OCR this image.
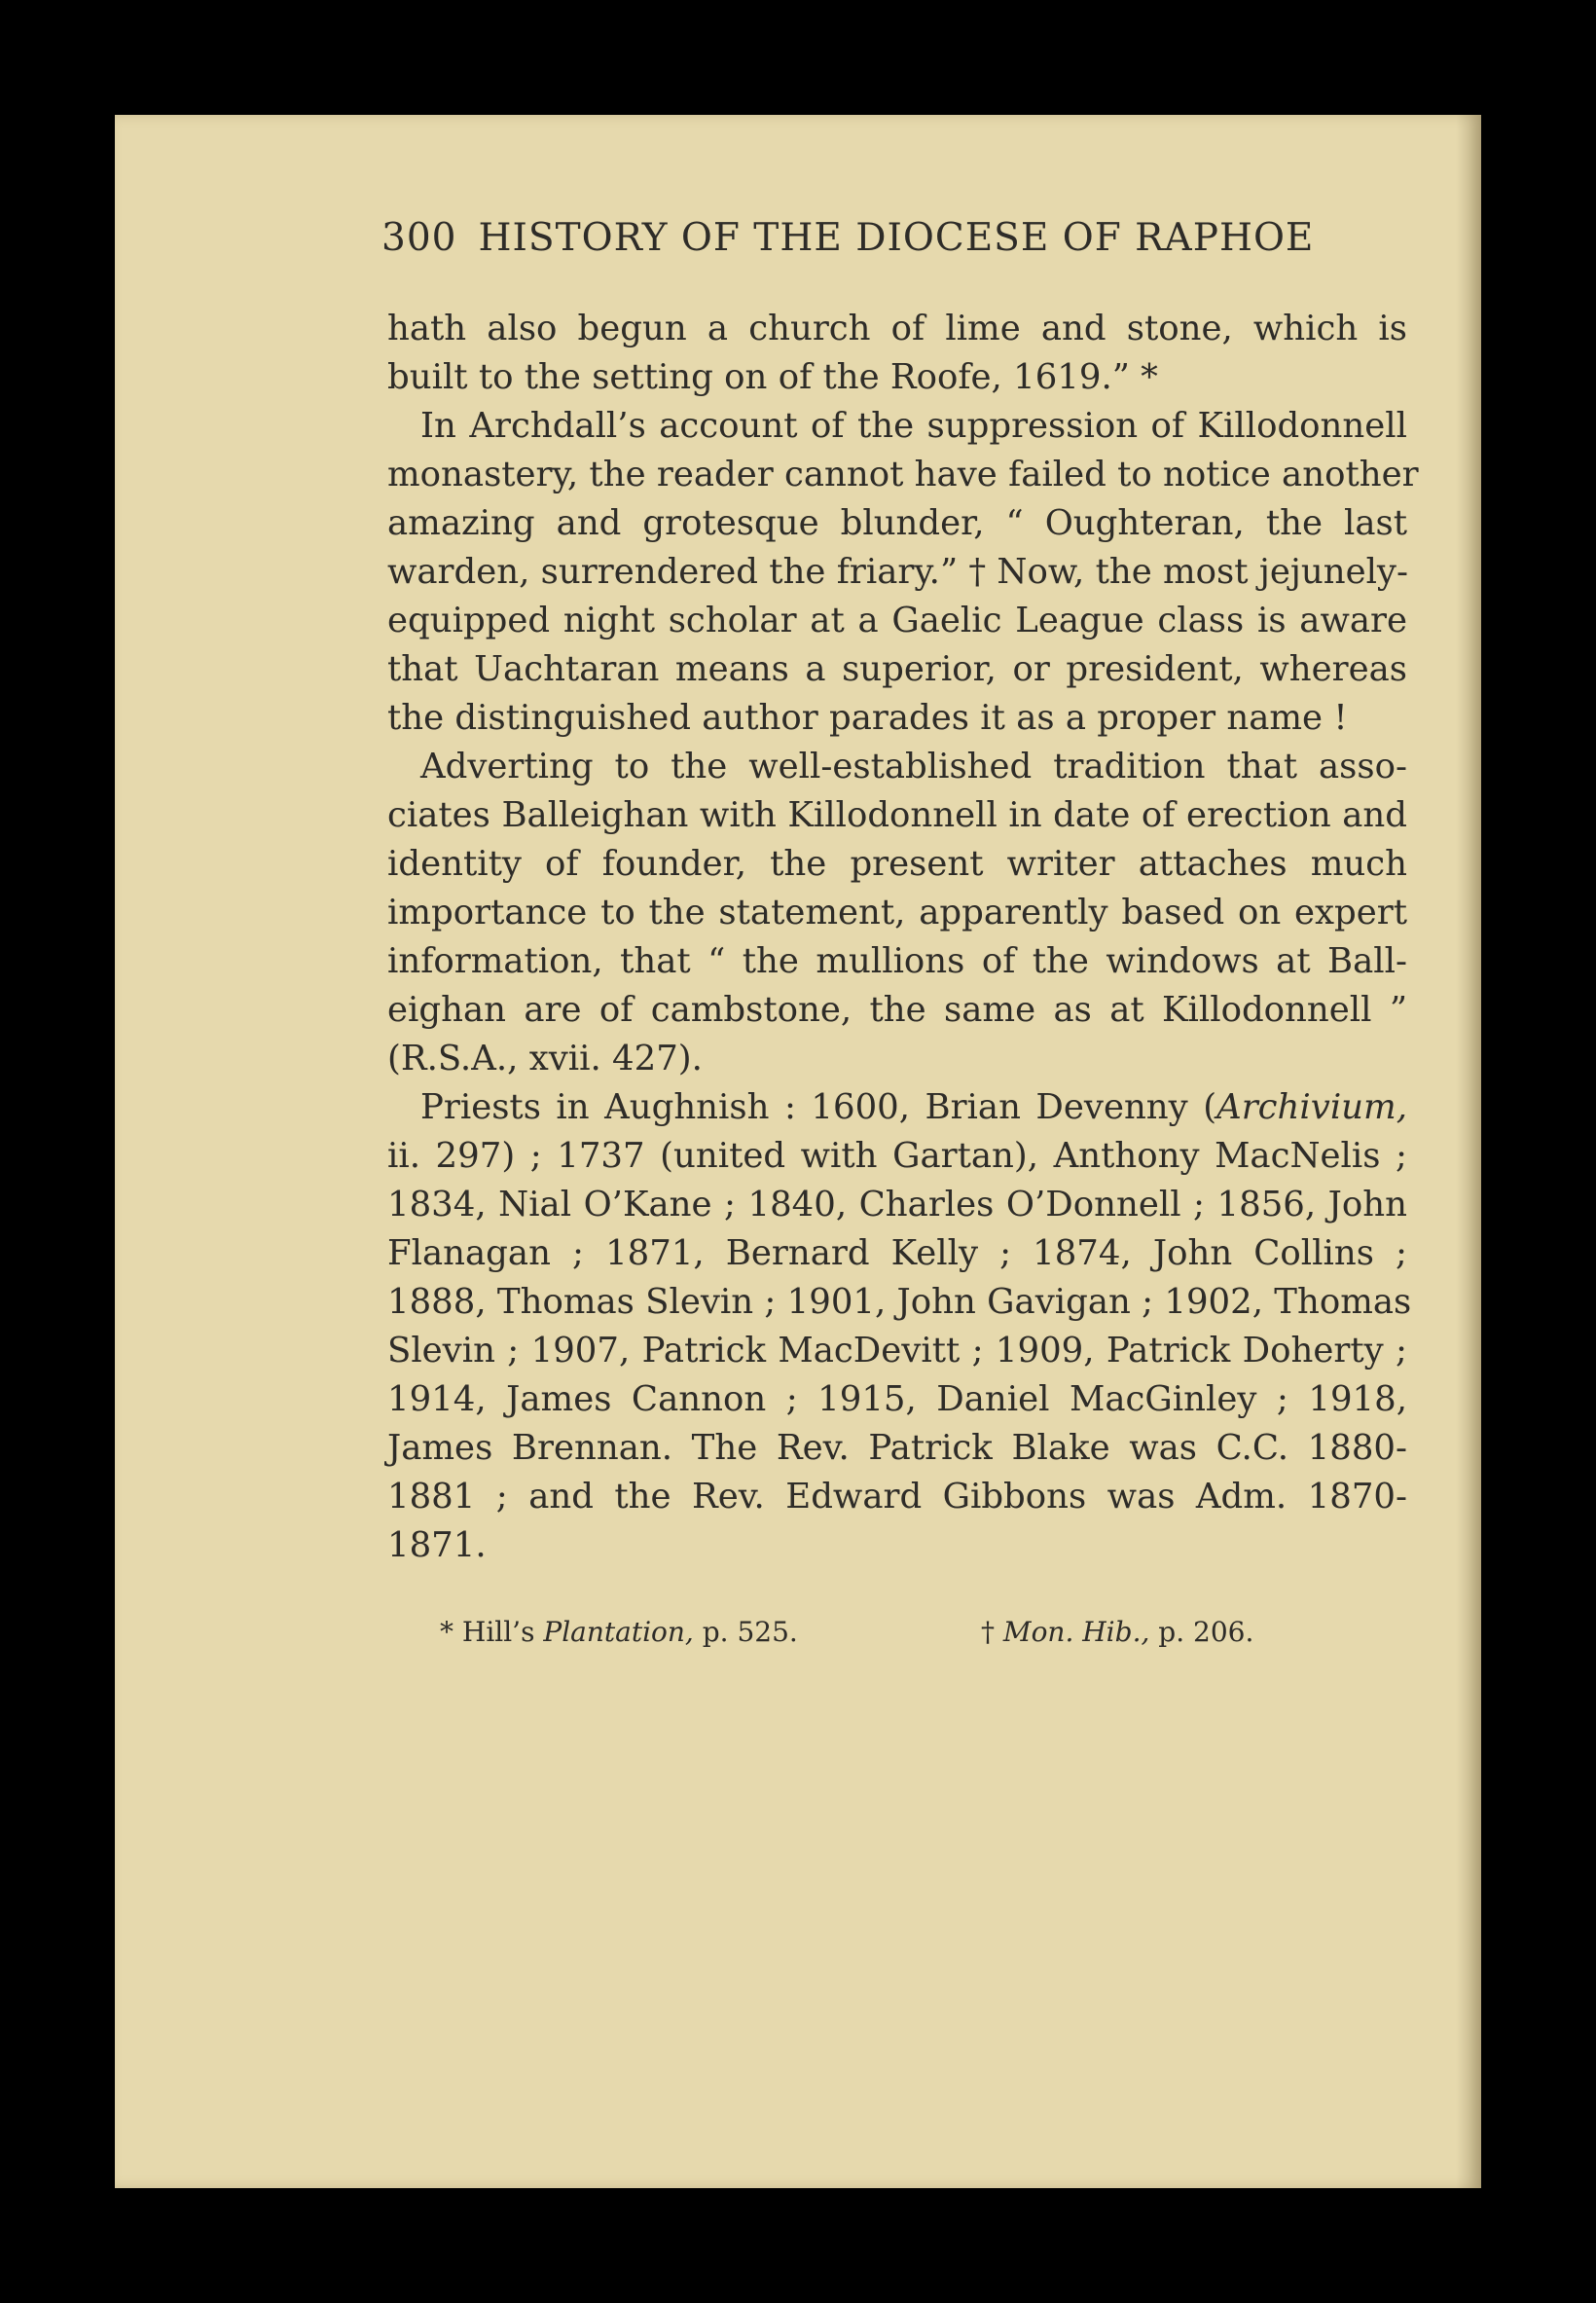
300 HISTORY OF THE DIOCESE OF RAPHOE
hath also begun a church of lime and stone, which is
built to the setting on of the Roofe, 1619.” *
In Archdall’s account of the suppression of Killodonnell
monastery, the reader cannot have failed to notice another
amazing and grotesque blunder, “ Oughteran, the last
warden, surrendered the friary.” † Now, the most jejunely-
equipped night scholar at a Gaelic League class is aware
that Uachtaran means a superior, or president, whereas
the distinguished author parades it as a proper name !
Adverting to the well-established tradition that asso-
ciates Balleighan with Killodonnell in date of erection and
identity of founder, the present writer attaches much
importance to the statement, apparently based on expert
information, that “ the mullions of the windows at Ball-
eighan are of cambstone, the same as at Killodonnell ”
(R.S.A., xvii. 427).
Priests in Aughnish : 1600, Brian Devenny (Archivium,
ii. 297) ; 1737 (united with Gartan), Anthony MacNelis ;
1834, Nial O’Kane ; 1840, Charles O’Donnell ; 1856, John
Flanagan ; 1871, Bernard Kelly ; 1874, John Collins ;
1888, Thomas Slevin ; 1901, John Gavigan ; 1902, Thomas
Slevin ; 1907, Patrick MacDevitt ; 1909, Patrick Doherty ;
1914, James Cannon ; 1915, Daniel MacGinley ; 1918,
James Brennan. The Rev. Patrick Blake was C.C. 1880-
1881 ; and the Rev. Edward Gibbons was Adm. 1870-
1871.
* Hill’s Plantation, p. 525.	† Mon. Hib., p. 206.
